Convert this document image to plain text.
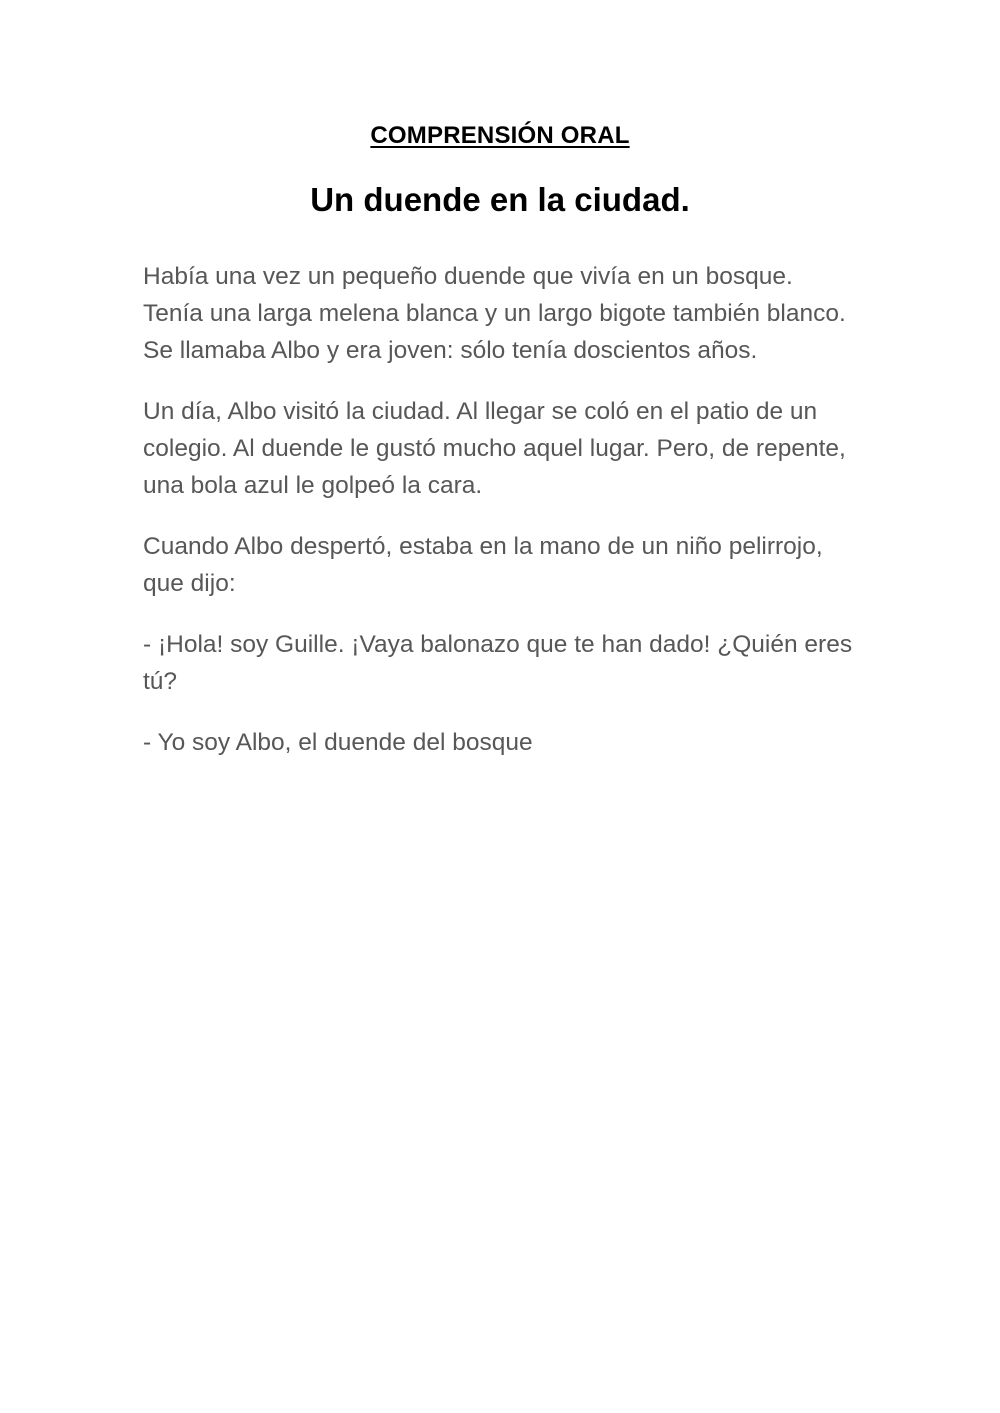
COMPRENSIÓN ORAL
Un duende en la ciudad.

Había una vez un pequeño duende que vivía en un bosque. Tenía una larga melena blanca y un largo bigote también blanco. Se llamaba Albo y era joven: sólo tenía doscientos años.

Un día, Albo visitó la ciudad. Al llegar se coló en el patio de un colegio. Al duende le gustó mucho aquel lugar. Pero, de repente, una bola azul le golpeó la cara.

Cuando Albo despertó, estaba en la mano de un niño pelirrojo, que dijo:

- ¡Hola! soy Guille. ¡Vaya balonazo que te han dado! ¿Quién eres tú?

- Yo soy Albo, el duende del bosque
